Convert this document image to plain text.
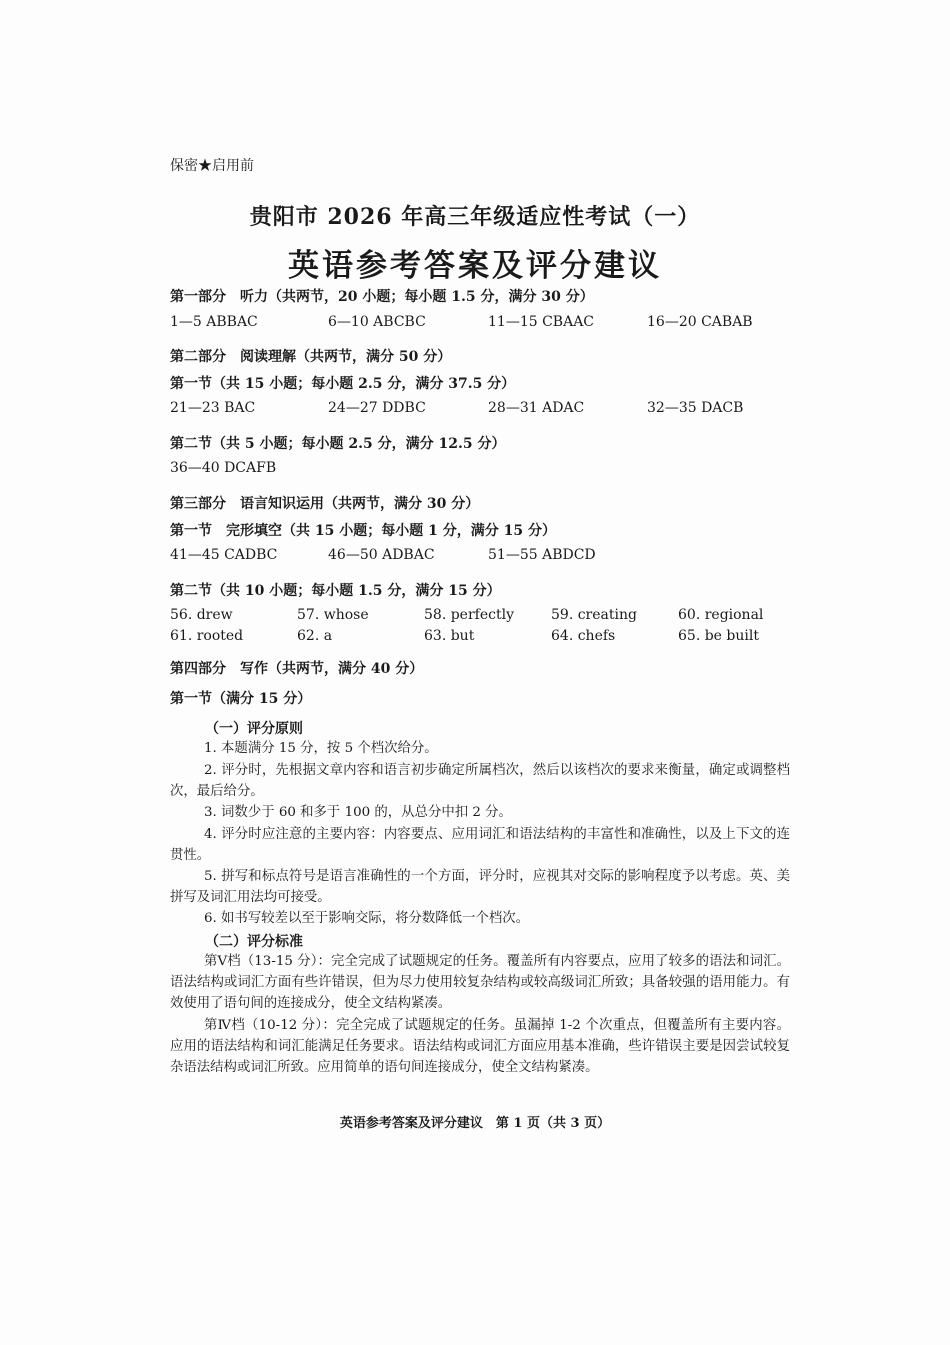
保密★启用前
贵阳市 2026 年高三年级适应性考试（一）
英语参考答案及评分建议
第一部分　听力（共两节，20 小题；每小题 1.5 分，满分 30 分）
1—5 ABBAC	6—10 ABCBC	11—15 CBAAC	16—20 CABAB
第二部分　阅读理解（共两节，满分 50 分）
第一节（共 15 小题；每小题 2.5 分，满分 37.5 分）
21—23 BAC	24—27 DDBC	28—31 ADAC	32—35 DACB
第二节（共 5 小题；每小题 2.5 分，满分 12.5 分）
36—40 DCAFB
第三部分　语言知识运用（共两节，满分 30 分）
第一节　完形填空（共 15 小题；每小题 1 分，满分 15 分）
41—45 CADBC	46—50 ADBAC	51—55 ABDCD
第二节（共 10 小题；每小题 1.5 分，满分 15 分）
56. drew	57. whose	58. perfectly	59. creating	60. regional
61. rooted	62. a	63. but	64. chefs	65. be built
第四部分　写作（共两节，满分 40 分）
第一节（满分 15 分）
（一）评分原则
1. 本题满分 15 分，按 5 个档次给分。
2. 评分时，先根据文章内容和语言初步确定所属档次，然后以该档次的要求来衡量，确定或调整档次，最后给分。
3. 词数少于 60 和多于 100 的，从总分中扣 2 分。
4. 评分时应注意的主要内容：内容要点、应用词汇和语法结构的丰富性和准确性，以及上下文的连贯性。
5. 拼写和标点符号是语言准确性的一个方面，评分时，应视其对交际的影响程度予以考虑。英、美拼写及词汇用法均可接受。
6. 如书写较差以至于影响交际，将分数降低一个档次。
（二）评分标准
第Ⅴ档（13-15 分）：完全完成了试题规定的任务。覆盖所有内容要点，应用了较多的语法和词汇。语法结构或词汇方面有些许错误，但为尽力使用较复杂结构或较高级词汇所致；具备较强的语用能力。有效使用了语句间的连接成分，使全文结构紧凑。
第Ⅳ档（10-12 分）：完全完成了试题规定的任务。虽漏掉 1-2 个次重点，但覆盖所有主要内容。应用的语法结构和词汇能满足任务要求。语法结构或词汇方面应用基本准确，些许错误主要是因尝试较复杂语法结构或词汇所致。应用简单的语句间连接成分，使全文结构紧凑。
英语参考答案及评分建议　第 1 页（共 3 页）
